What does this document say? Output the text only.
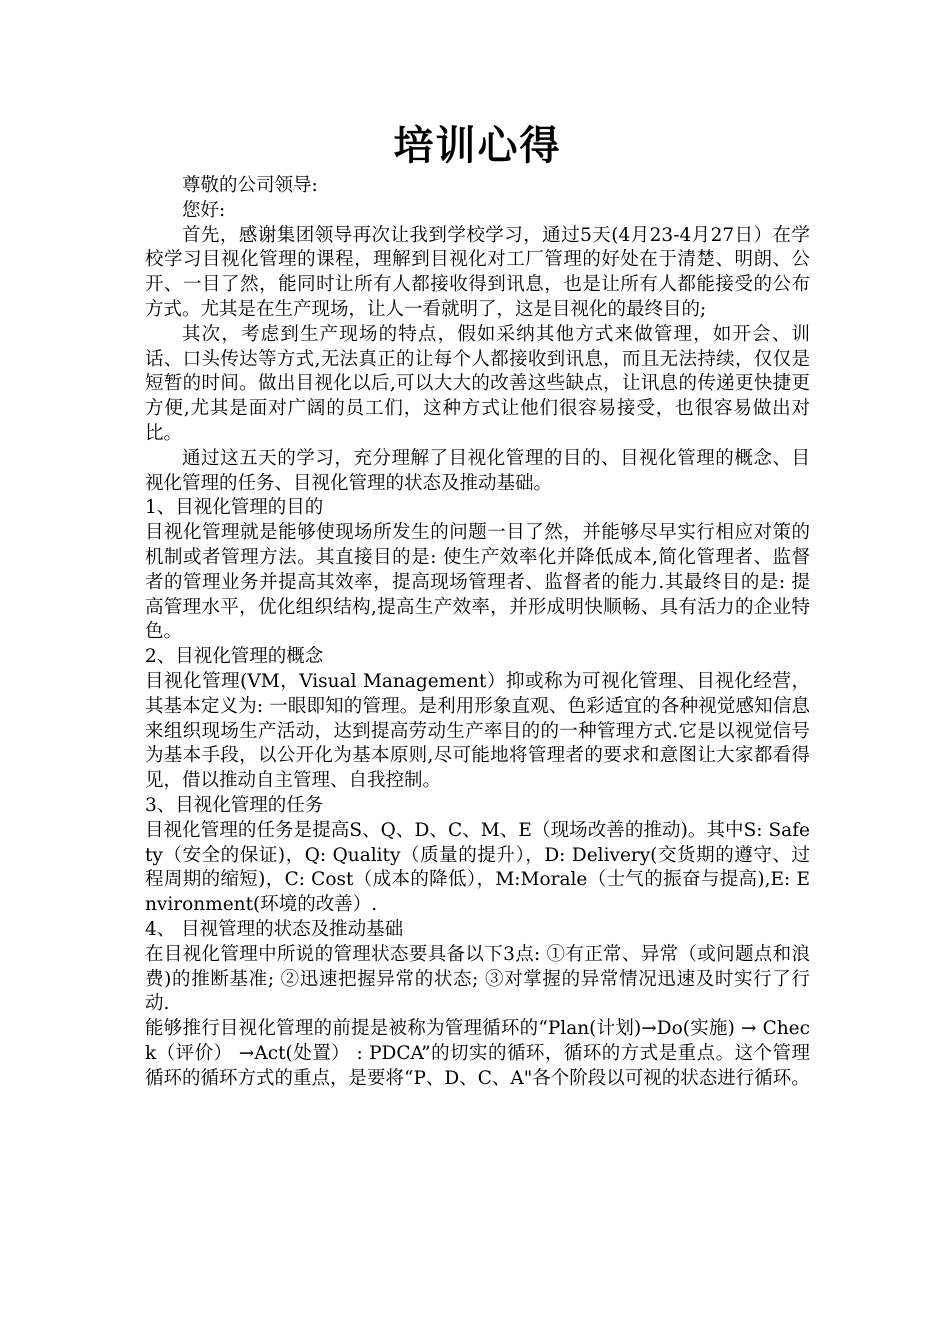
培训心得

尊敬的公司领导:

您好:

首先，感谢集团领导再次让我到学校学习，通过5天(4月23-4月27日）在学校学习目视化管理的课程，理解到目视化对工厂管理的好处在于清楚、明朗、公开、一目了然，能同时让所有人都接收得到讯息，也是让所有人都能接受的公布方式。尤其是在生产现场，让人一看就明了，这是目视化的最终目的;

其次，考虑到生产现场的特点，假如采纳其他方式来做管理，如开会、训话、口头传达等方式,无法真正的让每个人都接收到讯息，而且无法持续，仅仅是短暂的时间。做出目视化以后,可以大大的改善这些缺点，让讯息的传递更快捷更方便,尤其是面对广阔的员工们，这种方式让他们很容易接受，也很容易做出对比。

通过这五天的学习，充分理解了目视化管理的目的、目视化管理的概念、目视化管理的任务、目视化管理的状态及推动基础。

1、目视化管理的目的

目视化管理就是能够使现场所发生的问题一目了然，并能够尽早实行相应对策的机制或者管理方法。其直接目的是: 使生产效率化并降低成本,简化管理者、监督者的管理业务并提高其效率，提高现场管理者、监督者的能力.其最终目的是: 提高管理水平，优化组织结构,提高生产效率，并形成明快顺畅、具有活力的企业特色。

2、目视化管理的概念

目视化管理(VM，Visual Management）抑或称为可视化管理、目视化经营，其基本定义为: 一眼即知的管理。是利用形象直观、色彩适宜的各种视觉感知信息来组织现场生产活动，达到提高劳动生产率目的的一种管理方式.它是以视觉信号为基本手段，以公开化为基本原则,尽可能地将管理者的要求和意图让大家都看得见，借以推动自主管理、自我控制。

3、目视化管理的任务

目视化管理的任务是提高S、Q、D、C、M、E（现场改善的推动)。其中S: Safety（安全的保证)，Q: Quality（质量的提升），D: Delivery(交货期的遵守、过程周期的缩短)，C: Cost（成本的降低），M:Morale（士气的振奋与提高),E: Environment(环境的改善）.

4、 目视管理的状态及推动基础

在目视化管理中所说的管理状态要具备以下3点: ①有正常、异常（或问题点和浪费)的推断基准; ②迅速把握异常的状态; ③对掌握的异常情况迅速及时实行了行动.

能够推行目视化管理的前提是被称为管理循环的“Plan(计划)→Do(实施) → Check（评价） →Act(处置） : PDCA”的切实的循环，循环的方式是重点。这个管理循环的循环方式的重点，是要将“P、D、C、A"各个阶段以可视的状态进行循环。
